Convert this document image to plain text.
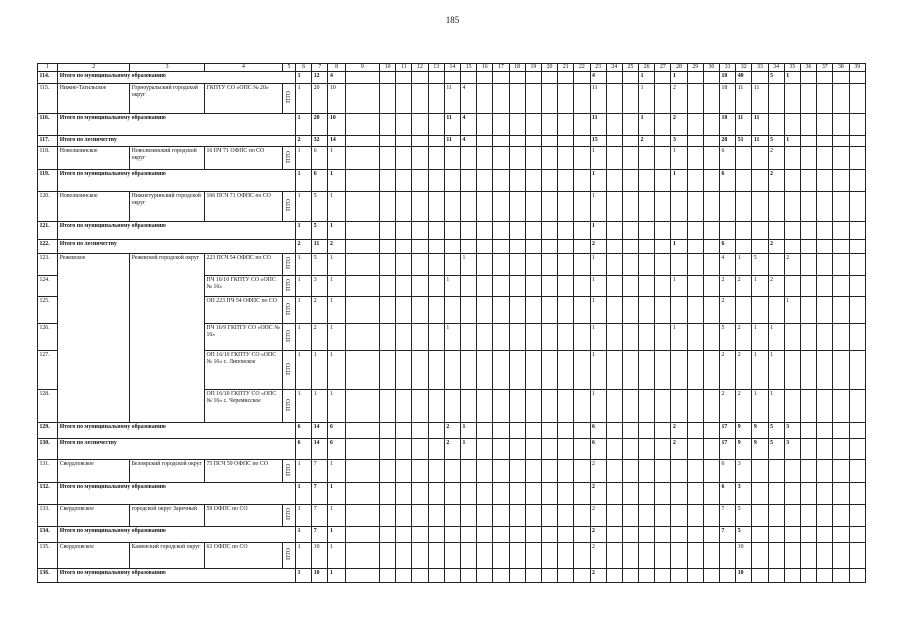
185
1	2	3	4	5	6	7	8	9	10	11	12	13	14	15	16	17	18	19	20	21	22	23	24	25	26	27	28	29	30	31	32	33	34	35	36	37	38	39
114.	Итого по муниципальному образованию				1	12	4															4			1		1			10	40		5	1				
115.	Нижне-Тагильское	Горноуральский городской округ	ГКПТУ СО «ОПС № 20»	ПТО	1	20	10						11	4								11			1		2			18	11	11						
116.	Итого по муниципальному образованию				1	20	10						11	4								11			1		2			18	11	11						
117.	Итого по лесничеству				2	32	14						11	4								15			2		3			28	51	11	5	1				
118.	Новолялинское	Новолялинский городской округ	16 ПЧ 71 ОФПС по СО	ПТО	1	6	1															1					1			6			2					
119.	Итого по муниципальному образованию				1	6	1															1					1			6			2					
120.	Новолялинское	Нижнетуринский городской округ	166 ПСЧ 71 ОФПС по СО	ПТО	1	5	1															1																
121.	Итого по муниципальному образованию				1	5	1															1																
122.	Итого по лесничеству				2	11	2															2					1			6			2					
123.	Режевское	Режевской городской округ	223 ПСЧ 54 ОФПС по СО	ПТО	1	5	1							1								1								4	1	5		2				
124.			ПЧ 16/10 ГКПТУ СО «ОПС № 16»	ПТО	1	3	1						1									1					1			2	2	1	2					
125.			ОП 223 ПЧ 54 ОФПС по СО	ПТО	1	2	1															1								2				1				
126.			ПЧ 16/9 ГКПТУ СО «ОПС № 16»	ПТО	1	2	1						1									1					1			5	2	1	1					
127.			ОП 16/10 ГКПТУ СО «ОПС № 16» с. Липовское	ПТО	1	1	1															1								2	2	1	1					
128.			ОП 16/10 ГКПТУ СО «ОПС № 16» с. Черемисское	ПТО	1	1	1															1								2	2	1	1					
129.	Итого по муниципальному образованию				6	14	6						2	1								6					2			17	9	9	5	3				
130.	Итого по лесничеству				6	14	6						2	1								6					2			17	9	9	5	3				
131.	Свердловское	Белоярский городской округ	75 ПСЧ 59 ОФПС по СО	ПТО	1	7	1															2								6	3							
132.	Итого по муниципальному образованию				1	7	1															2								6	3							
133.	Свердловское	городской округ Заречный	59 ОФПС по СО	ПТО	1	7	1															2								7	5							
134.	Итого по муниципальному образованию				1	7	1															2								7	5							
135.	Свердловское	Каменский городской округ	63 ОФПС по СО	ПТО	1	10	1															2									10							
136.	Итого по муниципальному образованию				1	10	1															2									10							
